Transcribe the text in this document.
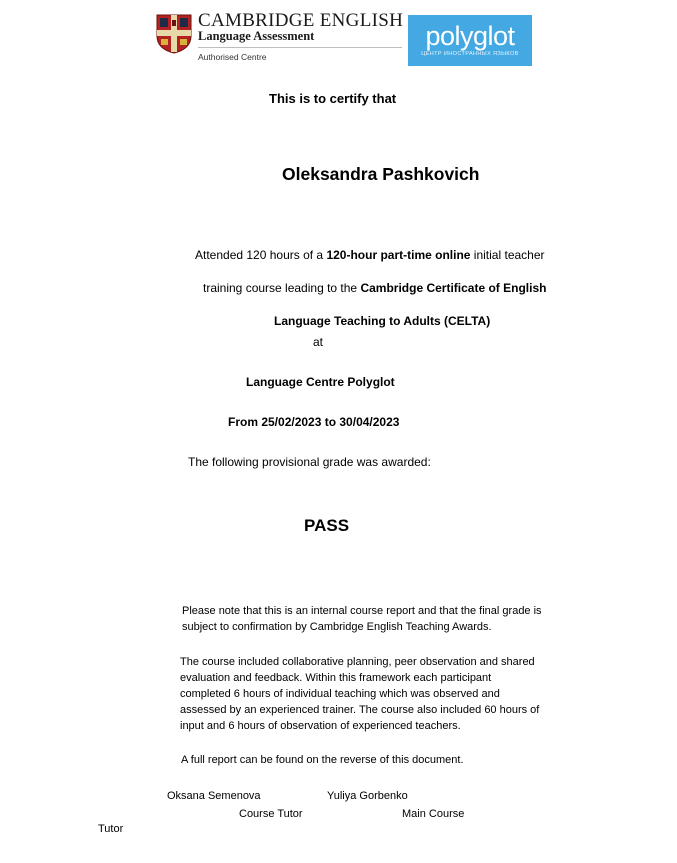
CAMBRIDGE ENGLISH
Language Assessment
Authorised Centre
polyglot
ЦЕНТР ИНОСТРАННЫХ ЯЗЫКОВ
This is to certify that
Oleksandra Pashkovich
Attended 120 hours of a 120-hour part-time online initial teacher
training course leading to the Cambridge Certificate of English
Language Teaching to Adults (CELTA)
at
Language Centre Polyglot
From 25/02/2023 to 30/04/2023
The following provisional grade was awarded:
PASS
Please note that this is an internal course report and that the final grade is
subject to confirmation by Cambridge English Teaching Awards.
The course included collaborative planning, peer observation and shared
evaluation and feedback. Within this framework each participant
completed 6 hours of individual teaching which was observed and
assessed by an experienced trainer. The course also included 60 hours of
input and 6 hours of observation of experienced teachers.
A full report can be found on the reverse of this document.
Oksana Semenova	Yuliya Gorbenko
Course Tutor	Main Course
Tutor
